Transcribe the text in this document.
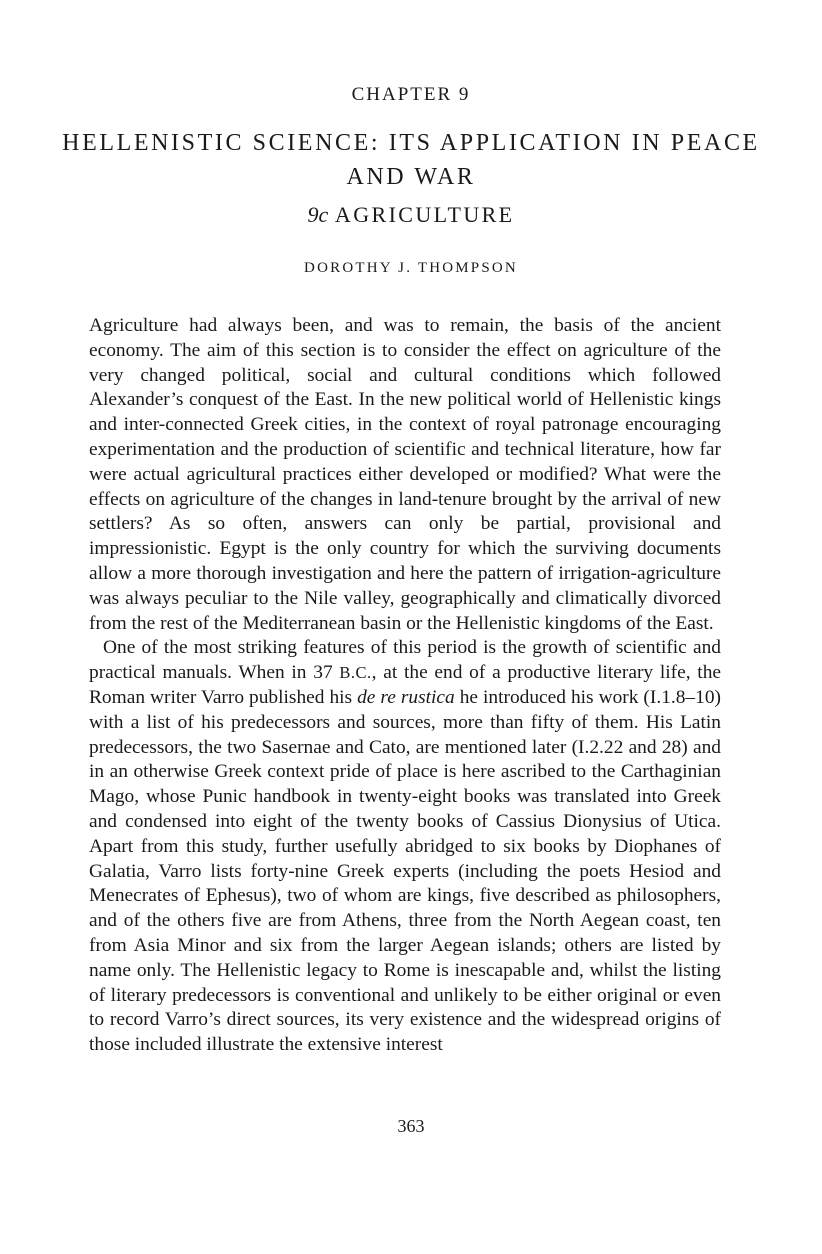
CHAPTER 9
HELLENISTIC SCIENCE: ITS APPLICATION IN PEACE AND WAR
9c AGRICULTURE
DOROTHY J. THOMPSON

Agriculture had always been, and was to remain, the basis of the ancient economy. The aim of this section is to consider the effect on agriculture of the very changed political, social and cultural conditions which followed Alexander’s conquest of the East. In the new political world of Hellenistic kings and inter-connected Greek cities, in the context of royal patronage encouraging experimentation and the production of scientific and technical literature, how far were actual agricultural practices either developed or modified? What were the effects on agriculture of the changes in land-tenure brought by the arrival of new settlers? As so often, answers can only be partial, provisional and impressionistic. Egypt is the only country for which the surviving documents allow a more thorough investigation and here the pattern of irrigation-agriculture was always peculiar to the Nile valley, geographically and climatically divorced from the rest of the Mediterranean basin or the Hellenistic kingdoms of the East.

One of the most striking features of this period is the growth of scientific and practical manuals. When in 37 B.C., at the end of a productive literary life, the Roman writer Varro published his de re rustica he introduced his work (I.1.8–10) with a list of his predecessors and sources, more than fifty of them. His Latin predecessors, the two Sasernae and Cato, are mentioned later (I.2.22 and 28) and in an otherwise Greek context pride of place is here ascribed to the Carthaginian Mago, whose Punic handbook in twenty-eight books was translated into Greek and condensed into eight of the twenty books of Cassius Dionysius of Utica. Apart from this study, further usefully abridged to six books by Diophanes of Galatia, Varro lists forty-nine Greek experts (including the poets Hesiod and Menecrates of Ephesus), two of whom are kings, five described as philosophers, and of the others five are from Athens, three from the North Aegean coast, ten from Asia Minor and six from the larger Aegean islands; others are listed by name only. The Hellenistic legacy to Rome is inescapable and, whilst the listing of literary predecessors is conventional and unlikely to be either original or even to record Varro’s direct sources, its very existence and the widespread origins of those included illustrate the extensive interest

363
